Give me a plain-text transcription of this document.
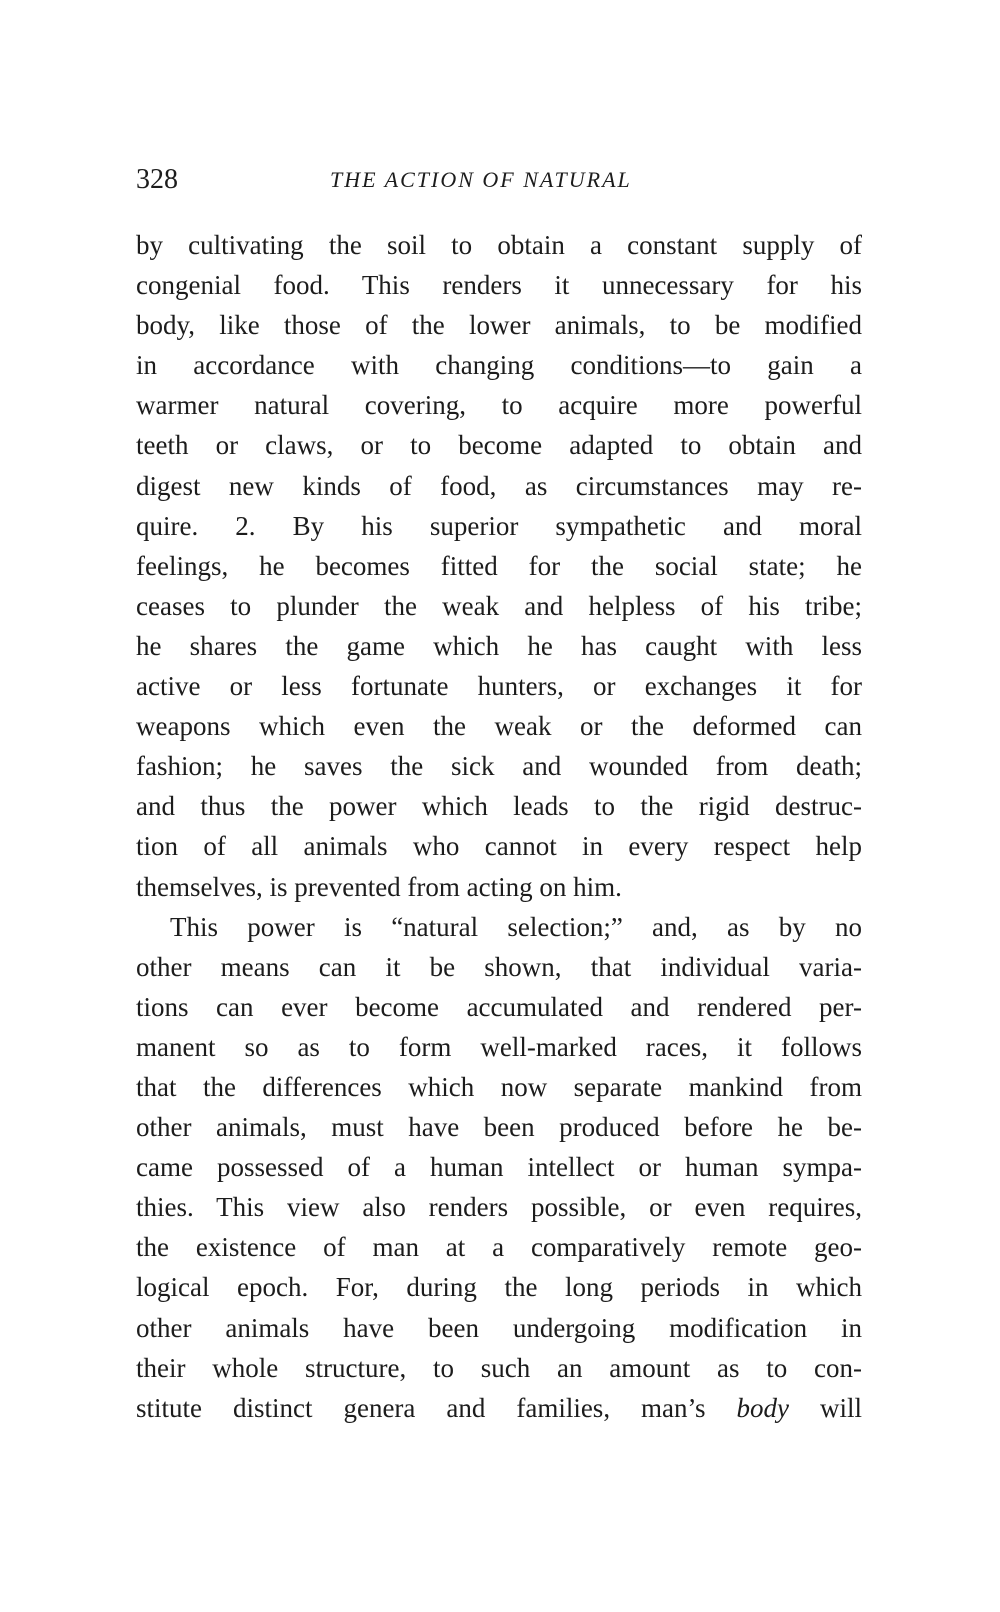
328	THE ACTION OF NATURAL
by cultivating the soil to obtain a constant supply of
congenial food. This renders it unnecessary for his
body, like those of the lower animals, to be modified
in accordance with changing conditions—to gain a
warmer natural covering, to acquire more powerful
teeth or claws, or to become adapted to obtain and
digest new kinds of food, as circumstances may re-
quire. 2. By his superior sympathetic and moral
feelings, he becomes fitted for the social state; he
ceases to plunder the weak and helpless of his tribe;
he shares the game which he has caught with less
active or less fortunate hunters, or exchanges it for
weapons which even the weak or the deformed can
fashion; he saves the sick and wounded from death;
and thus the power which leads to the rigid destruc-
tion of all animals who cannot in every respect help
themselves, is prevented from acting on him.
This power is “natural selection;” and, as by no
other means can it be shown, that individual varia-
tions can ever become accumulated and rendered per-
manent so as to form well-marked races, it follows
that the differences which now separate mankind from
other animals, must have been produced before he be-
came possessed of a human intellect or human sympa-
thies. This view also renders possible, or even requires,
the existence of man at a comparatively remote geo-
logical epoch. For, during the long periods in which
other animals have been undergoing modification in
their whole structure, to such an amount as to con-
stitute distinct genera and families, man’s body will
